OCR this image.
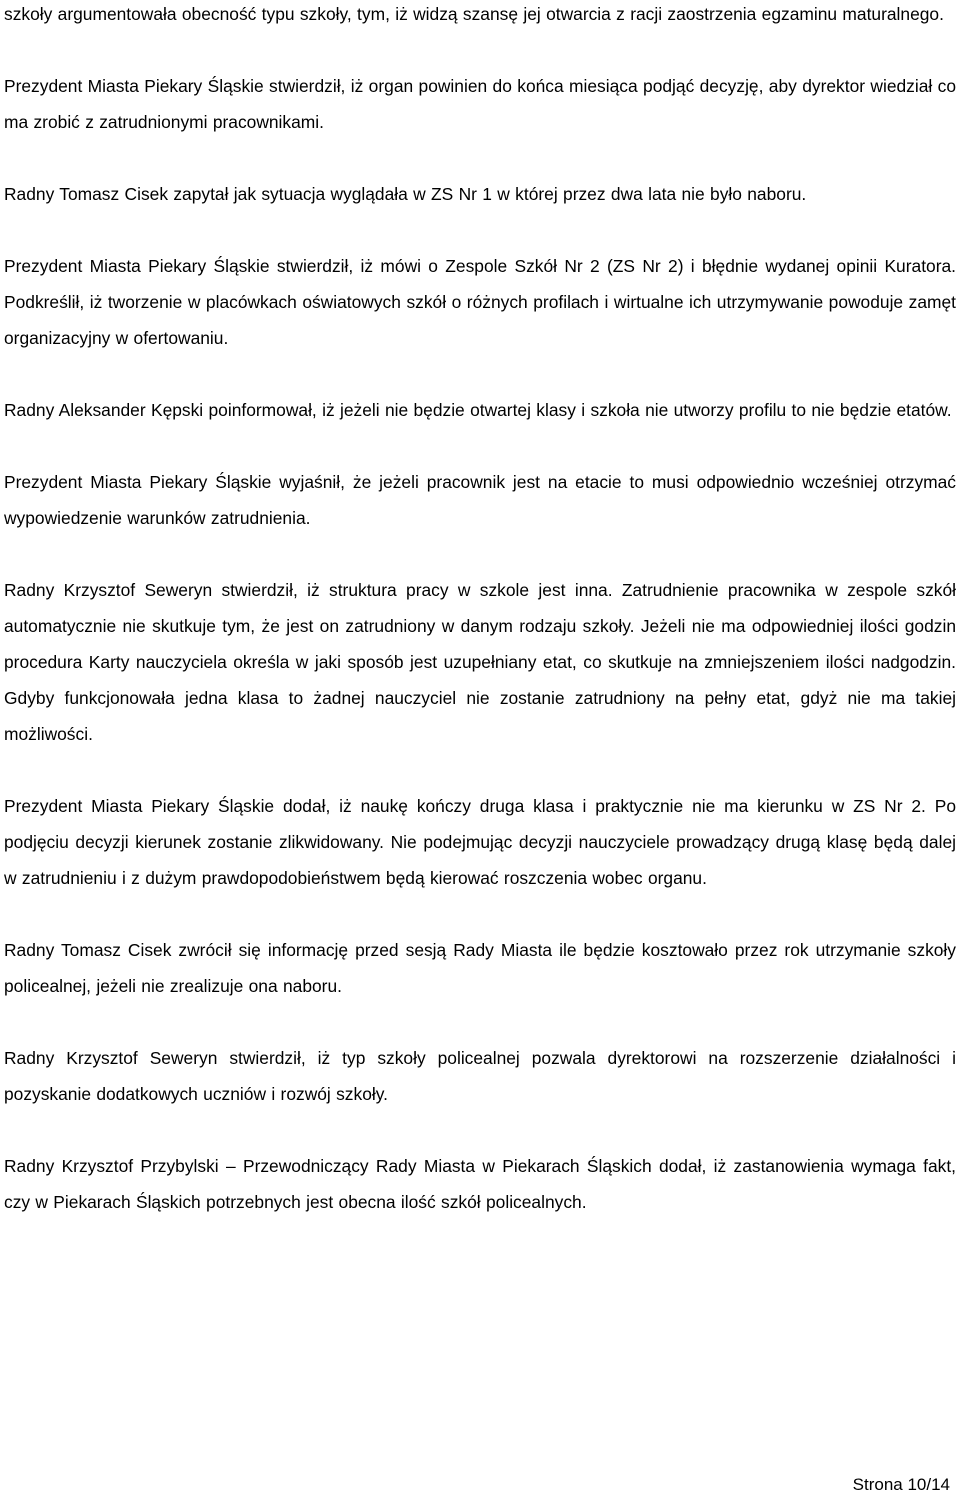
szkoły argumentowała obecność typu szkoły, tym, iż widzą szansę jej otwarcia z racji zaostrzenia egzaminu maturalnego.

Prezydent Miasta Piekary Śląskie stwierdził, iż organ powinien do końca miesiąca podjąć decyzję, aby dyrektor wiedział co ma zrobić z zatrudnionymi pracownikami.

Radny Tomasz Cisek zapytał jak sytuacja wyglądała w ZS Nr 1 w której przez dwa lata nie było naboru.

Prezydent Miasta Piekary Śląskie stwierdził, iż mówi o Zespole Szkół Nr 2 (ZS Nr 2) i błędnie wydanej opinii Kuratora. Podkreślił, iż tworzenie w placówkach oświatowych szkół o różnych profilach i wirtualne ich utrzymywanie powoduje zamęt organizacyjny w ofertowaniu.

Radny Aleksander Kępski poinformował, iż jeżeli nie będzie otwartej klasy i szkoła nie utworzy profilu to nie będzie etatów.

Prezydent Miasta Piekary Śląskie wyjaśnił, że jeżeli pracownik jest na etacie to musi odpowiednio wcześniej otrzymać wypowiedzenie warunków zatrudnienia.

Radny Krzysztof Seweryn stwierdził, iż struktura pracy w szkole jest inna. Zatrudnienie pracownika w zespole szkół automatycznie nie skutkuje tym, że jest on zatrudniony w danym rodzaju szkoły. Jeżeli nie ma odpowiedniej ilości godzin procedura Karty nauczyciela określa w jaki sposób jest uzupełniany etat, co skutkuje na zmniejszeniem ilości nadgodzin. Gdyby funkcjonowała jedna klasa to żadnej nauczyciel nie zostanie zatrudniony na pełny etat, gdyż nie ma takiej możliwości.

Prezydent Miasta Piekary Śląskie dodał, iż naukę kończy druga klasa i praktycznie nie ma kierunku w ZS Nr 2. Po podjęciu decyzji kierunek zostanie zlikwidowany. Nie podejmując decyzji nauczyciele prowadzący drugą klasę będą dalej w zatrudnieniu i z dużym prawdopodobieństwem będą kierować roszczenia wobec organu.

Radny Tomasz Cisek zwrócił się informację przed sesją Rady Miasta ile będzie kosztowało przez rok utrzymanie szkoły policealnej, jeżeli nie zrealizuje ona naboru.

Radny Krzysztof Seweryn stwierdził, iż typ szkoły policealnej pozwala dyrektorowi na rozszerzenie działalności i pozyskanie dodatkowych uczniów i rozwój szkoły.

Radny Krzysztof Przybylski – Przewodniczący Rady Miasta w Piekarach Śląskich dodał, iż zastanowienia wymaga fakt, czy w Piekarach Śląskich potrzebnych jest obecna ilość szkół policealnych.

Strona 10/14
